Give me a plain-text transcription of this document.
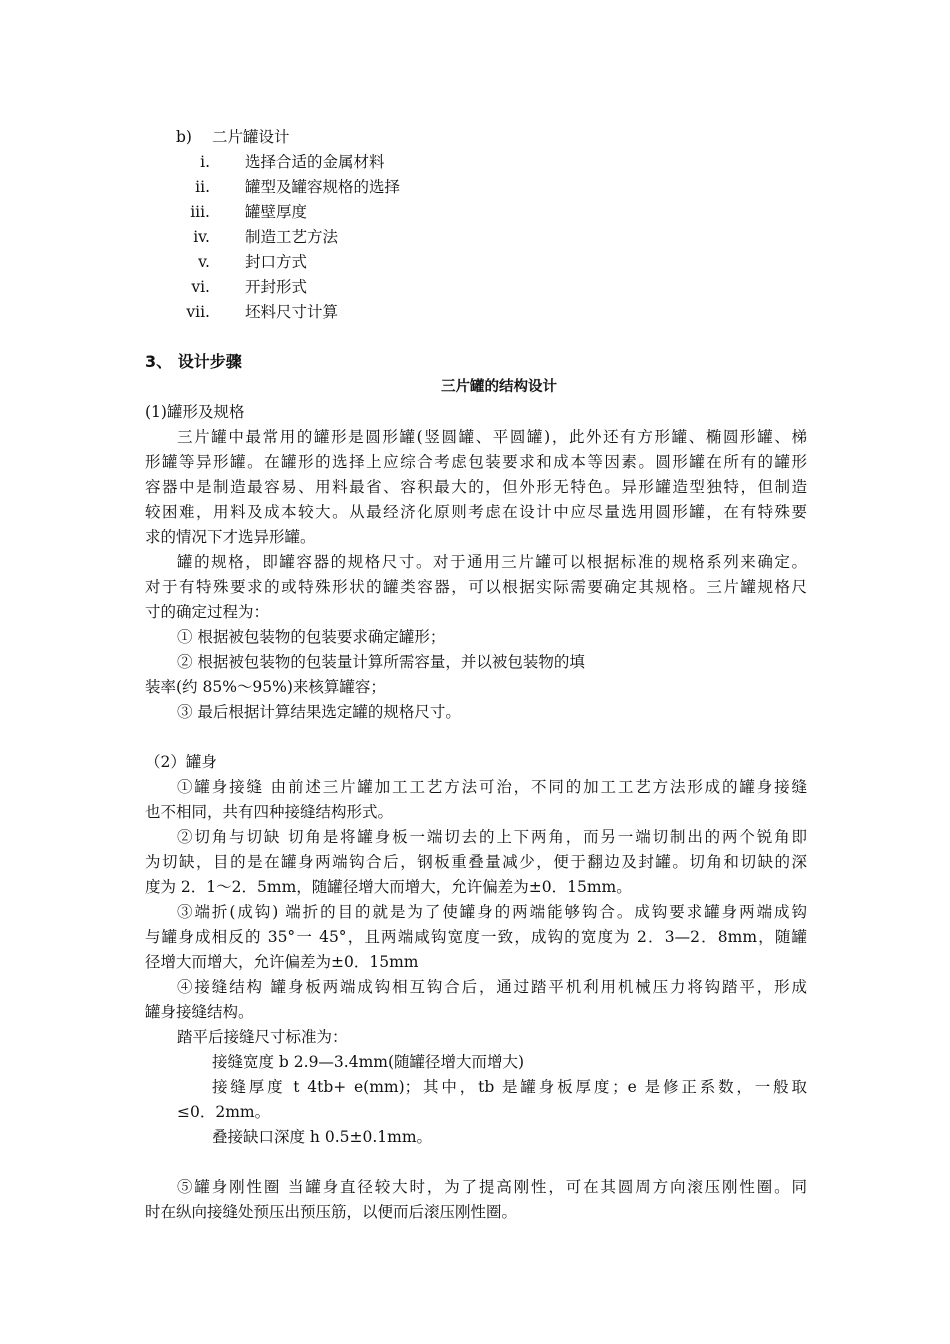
b) 二片罐设计
i. 选择合适的金属材料
ii. 罐型及罐容规格的选择
iii. 罐壁厚度
iv. 制造工艺方法
v. 封口方式
vi. 开封形式
vii. 坯料尺寸计算
3、 设计步骤
三片罐的结构设计
(1)罐形及规格
三片罐中最常用的罐形是圆形罐(竖圆罐、平圆罐)，此外还有方形罐、椭圆形罐、梯
形罐等异形罐。在罐形的选择上应综合考虑包装要求和成本等因素。圆形罐在所有的罐形
容器中是制造最容易、用料最省、容积最大的，但外形无特色。异形罐造型独特，但制造
较困难，用料及成本较大。从最经济化原则考虑在设计中应尽量选用圆形罐，在有特殊要
求的情况下才选异形罐。
罐的规格，即罐容器的规格尺寸。对于通用三片罐可以根据标准的规格系列来确定。
对于有特殊要求的或特殊形状的罐类容器，可以根据实际需要确定其规格。三片罐规格尺
寸的确定过程为：
① 根据被包装物的包装要求确定罐形；
② 根据被包装物的包装量计算所需容量，并以被包装物的填
装率(约 85%～95%)来核算罐容；
③ 最后根据计算结果选定罐的规格尺寸。
（2）罐身
①罐身接缝 由前述三片罐加工工艺方法可治，不同的加工工艺方法形成的罐身接缝
也不相同，共有四种接缝结构形式。
②切角与切缺 切角是将罐身板一端切去的上下两角，而另一端切制出的两个锐角即
为切缺，目的是在罐身两端钩合后，钢板重叠量减少，便于翻边及封罐。切角和切缺的深
度为 2．1～2．5mm，随罐径增大而增大，允许偏差为±0．15mm。
③端折(成钩) 端折的目的就是为了使罐身的两端能够钩合。成钩要求罐身两端成钩
与罐身成相反的 35°一 45°，且两端咸钩宽度一致，成钩的宽度为 2．3—2．8mm，随罐
径增大而增大，允许偏差为±0．15mm
④接缝结构 罐身板两端成钩相互钩合后，通过踏平机利用机械压力将钩踏平，形成
罐身接缝结构。
踏平后接缝尺寸标准为：
接缝宽度 b 2.9—3.4mm(随罐径增大而增大)
接缝厚度 t 4tb+ e(mm)；其中，tb 是罐身板厚度；e 是修正系数，一般取
≤0．2mm。
叠接缺口深度 h 0.5±0.1mm。
⑤罐身刚性圈 当罐身直径较大时，为了提高刚性，可在其圆周方向滚压刚性圈。同
时在纵向接缝处预压出预压筋，以便而后滚压刚性圈。
